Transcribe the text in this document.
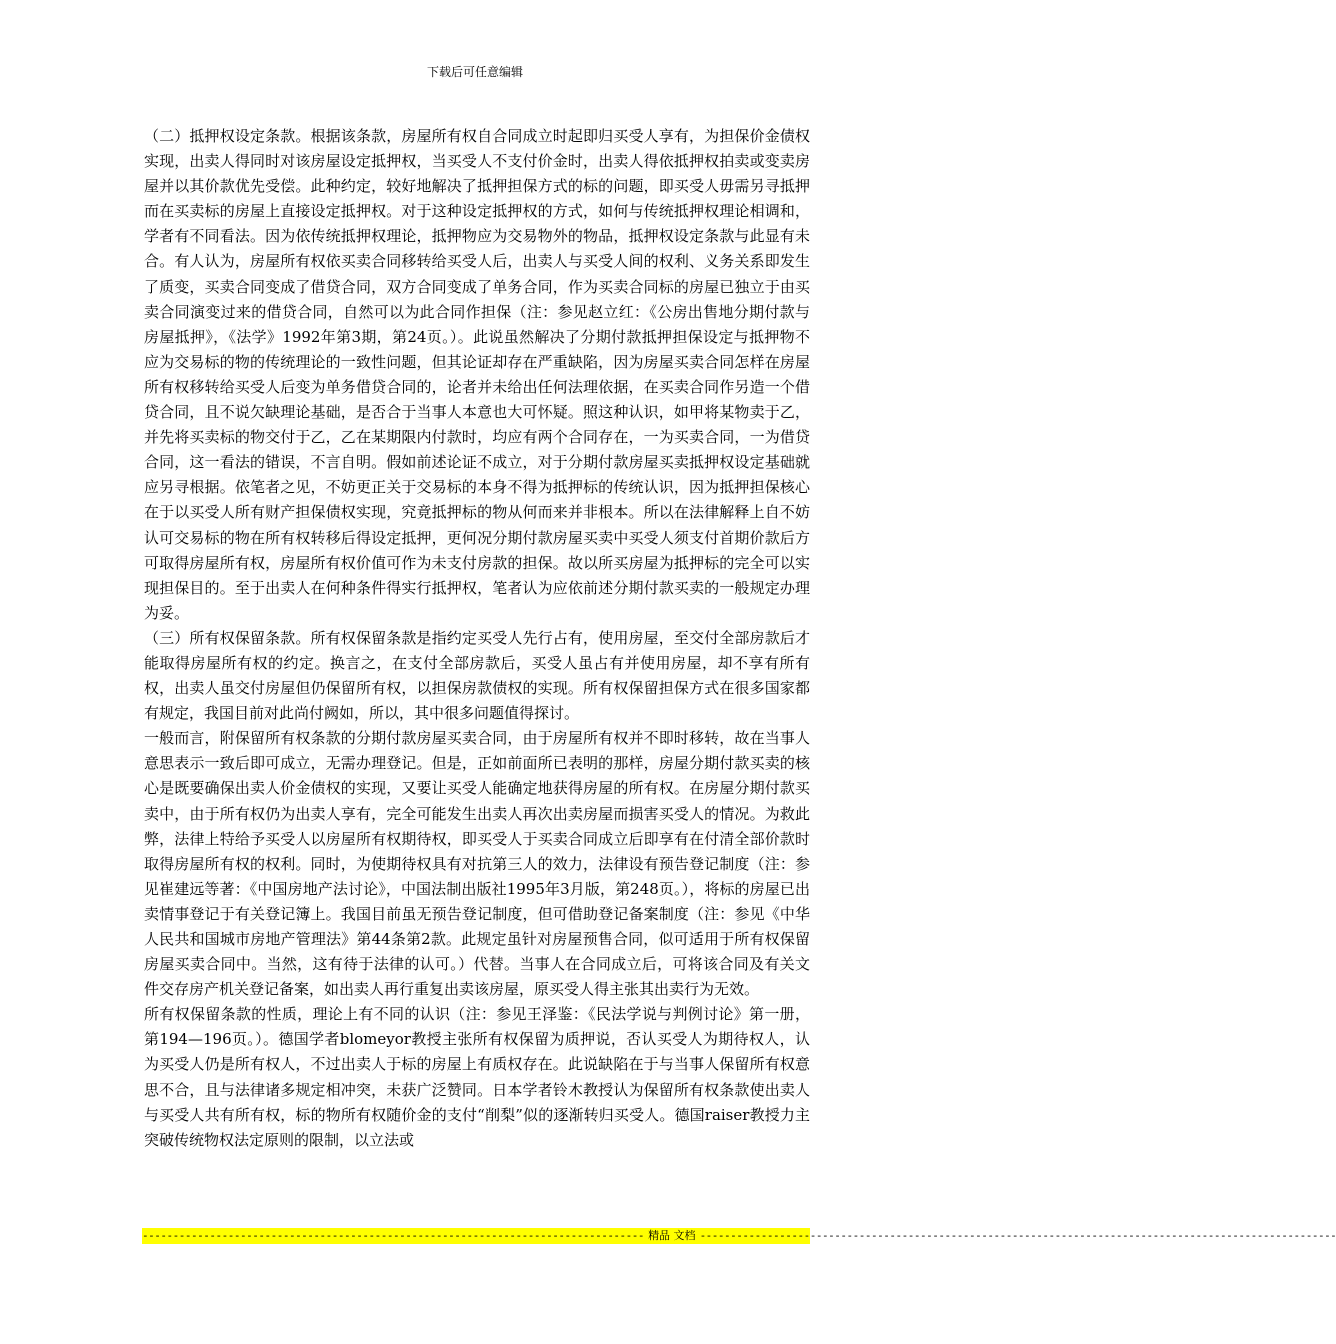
下载后可任意编辑

（二）抵押权设定条款。根据该条款，房屋所有权自合同成立时起即归买受人享有，为担保价金债权实现，出卖人得同时对该房屋设定抵押权，当买受人不支付价金时，出卖人得依抵押权拍卖或变卖房屋并以其价款优先受偿。此种约定，较好地解决了抵押担保方式的标的问题，即买受人毋需另寻抵押而在买卖标的房屋上直接设定抵押权。对于这种设定抵押权的方式，如何与传统抵押权理论相调和，学者有不同看法。因为依传统抵押权理论，抵押物应为交易物外的物品，抵押权设定条款与此显有未合。有人认为，房屋所有权依买卖合同移转给买受人后，出卖人与买受人间的权利、义务关系即发生了质变，买卖合同变成了借贷合同，双方合同变成了单务合同，作为买卖合同标的房屋已独立于由买卖合同演变过来的借贷合同，自然可以为此合同作担保（注：参见赵立红：《公房出售地分期付款与房屋抵押》，《法学》1992年第3期，第24页。）。此说虽然解决了分期付款抵押担保设定与抵押物不应为交易标的物的传统理论的一致性问题，但其论证却存在严重缺陷，因为房屋买卖合同怎样在房屋所有权移转给买受人后变为单务借贷合同的，论者并未给出任何法理依据，在买卖合同作另造一个借贷合同，且不说欠缺理论基础，是否合于当事人本意也大可怀疑。照这种认识，如甲将某物卖于乙，并先将买卖标的物交付于乙，乙在某期限内付款时，均应有两个合同存在，一为买卖合同，一为借贷合同，这一看法的错误，不言自明。假如前述论证不成立，对于分期付款房屋买卖抵押权设定基础就应另寻根据。依笔者之见，不妨更正关于交易标的本身不得为抵押标的传统认识，因为抵押担保核心在于以买受人所有财产担保债权实现，究竟抵押标的物从何而来并非根本。所以在法律解释上自不妨认可交易标的物在所有权转移后得设定抵押，更何况分期付款房屋买卖中买受人须支付首期价款后方可取得房屋所有权，房屋所有权价值可作为未支付房款的担保。故以所买房屋为抵押标的完全可以实现担保目的。至于出卖人在何种条件得实行抵押权，笔者认为应依前述分期付款买卖的一般规定办理为妥。

（三）所有权保留条款。所有权保留条款是指约定买受人先行占有，使用房屋，至交付全部房款后才能取得房屋所有权的约定。换言之，在支付全部房款后，买受人虽占有并使用房屋，却不享有所有权，出卖人虽交付房屋但仍保留所有权，以担保房款债权的实现。所有权保留担保方式在很多国家都有规定，我国目前对此尚付阙如，所以，其中很多问题值得探讨。

一般而言，附保留所有权条款的分期付款房屋买卖合同，由于房屋所有权并不即时移转，故在当事人意思表示一致后即可成立，无需办理登记。但是，正如前面所已表明的那样，房屋分期付款买卖的核心是既要确保出卖人价金债权的实现，又要让买受人能确定地获得房屋的所有权。在房屋分期付款买卖中，由于所有权仍为出卖人享有，完全可能发生出卖人再次出卖房屋而损害买受人的情况。为救此弊，法律上特给予买受人以房屋所有权期待权，即买受人于买卖合同成立后即享有在付清全部价款时取得房屋所有权的权利。同时，为使期待权具有对抗第三人的效力，法律设有预告登记制度（注：参见崔建远等著：《中国房地产法讨论》，中国法制出版社1995年3月版，第248页。），将标的房屋已出卖情事登记于有关登记簿上。我国目前虽无预告登记制度，但可借助登记备案制度（注：参见《中华人民共和国城市房地产管理法》第44条第2款。此规定虽针对房屋预售合同，似可适用于所有权保留房屋买卖合同中。当然，这有待于法律的认可。）代替。当事人在合同成立后，可将该合同及有关文件交存房产机关登记备案，如出卖人再行重复出卖该房屋，原买受人得主张其出卖行为无效。

所有权保留条款的性质，理论上有不同的认识（注：参见王泽鉴：《民法学说与判例讨论》第一册，第194—196页。）。德国学者blomeyor教授主张所有权保留为质押说，否认买受人为期待权人，认为买受人仍是所有权人，不过出卖人于标的房屋上有质权存在。此说缺陷在于与当事人保留所有权意思不合，且与法律诸多规定相冲突，未获广泛赞同。日本学者铃木教授认为保留所有权条款使出卖人与买受人共有所有权，标的物所有权随价金的支付“削梨”似的逐渐转归买受人。德国raiser教授力主突破传统物权法定原则的限制，以立法或

---------------------------------------------------------------------------------- 精品 文档 --------------------------------------------------------------------------------------------------------
